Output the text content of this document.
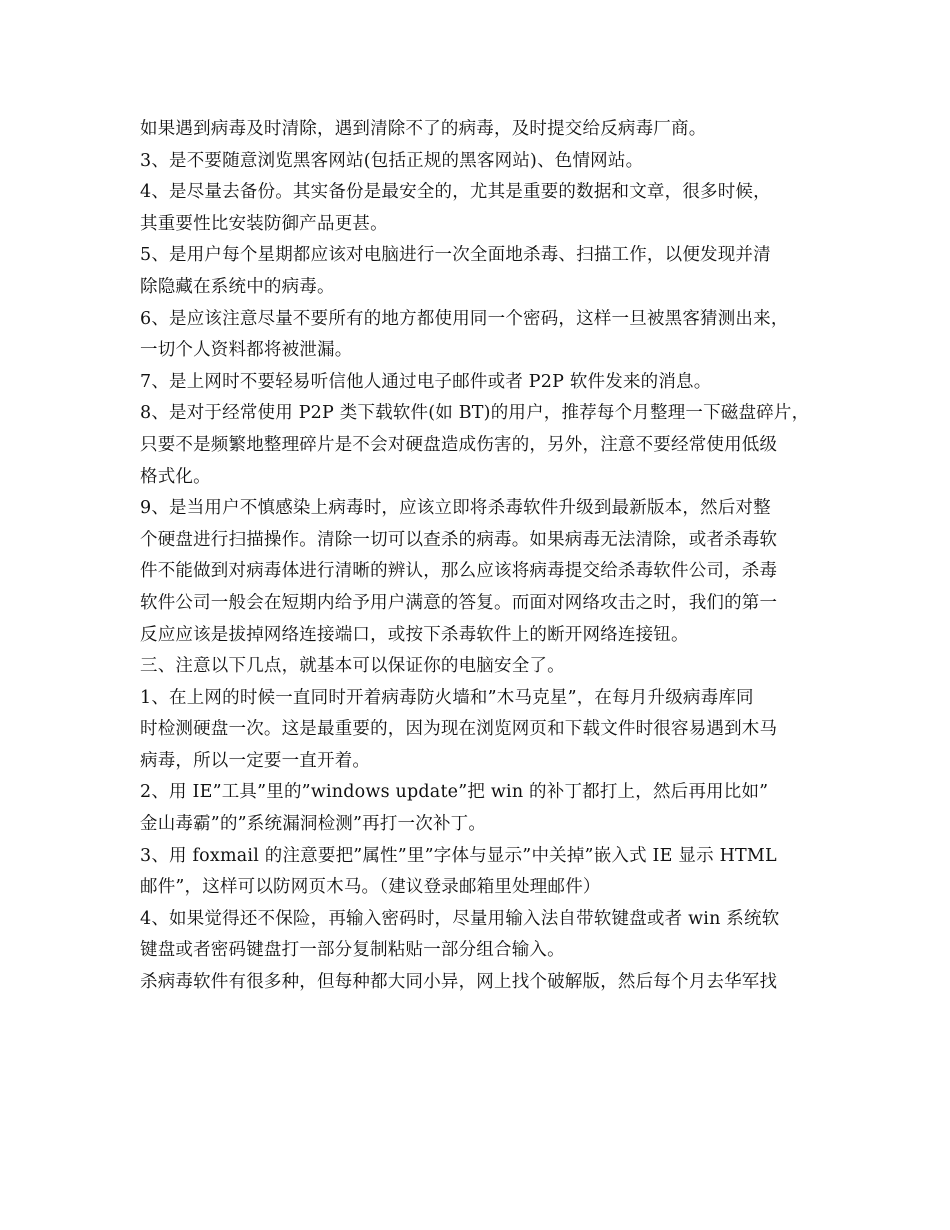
如果遇到病毒及时清除，遇到清除不了的病毒，及时提交给反病毒厂商。
3、是不要随意浏览黑客网站(包括正规的黑客网站)、色情网站。
4、是尽量去备份。其实备份是最安全的，尤其是重要的数据和文章，很多时候，
其重要性比安装防御产品更甚。
5、是用户每个星期都应该对电脑进行一次全面地杀毒、扫描工作，以便发现并清
除隐藏在系统中的病毒。
6、是应该注意尽量不要所有的地方都使用同一个密码，这样一旦被黑客猜测出来，
一切个人资料都将被泄漏。
7、是上网时不要轻易听信他人通过电子邮件或者 P2P 软件发来的消息。
8、是对于经常使用 P2P 类下载软件(如 BT)的用户，推荐每个月整理一下磁盘碎片，
只要不是频繁地整理碎片是不会对硬盘造成伤害的，另外，注意不要经常使用低级
格式化。
9、是当用户不慎感染上病毒时，应该立即将杀毒软件升级到最新版本，然后对整
个硬盘进行扫描操作。清除一切可以查杀的病毒。如果病毒无法清除，或者杀毒软
件不能做到对病毒体进行清晰的辨认，那么应该将病毒提交给杀毒软件公司，杀毒
软件公司一般会在短期内给予用户满意的答复。而面对网络攻击之时，我们的第一
反应应该是拔掉网络连接端口，或按下杀毒软件上的断开网络连接钮。
三、注意以下几点，就基本可以保证你的电脑安全了。
1、在上网的时候一直同时开着病毒防火墙和”木马克星”，在每月升级病毒库同
时检测硬盘一次。这是最重要的，因为现在浏览网页和下载文件时很容易遇到木马
病毒，所以一定要一直开着。
2、用 IE”工具”里的”windows update”把 win 的补丁都打上，然后再用比如”
金山毒霸”的”系统漏洞检测”再打一次补丁。
3、用 foxmail 的注意要把”属性”里”字体与显示”中关掉”嵌入式 IE 显示 HTML
邮件”，这样可以防网页木马。（建议登录邮箱里处理邮件）
4、如果觉得还不保险，再输入密码时，尽量用输入法自带软键盘或者 win 系统软
键盘或者密码键盘打一部分复制粘贴一部分组合输入。
杀病毒软件有很多种，但每种都大同小异，网上找个破解版，然后每个月去华军找
